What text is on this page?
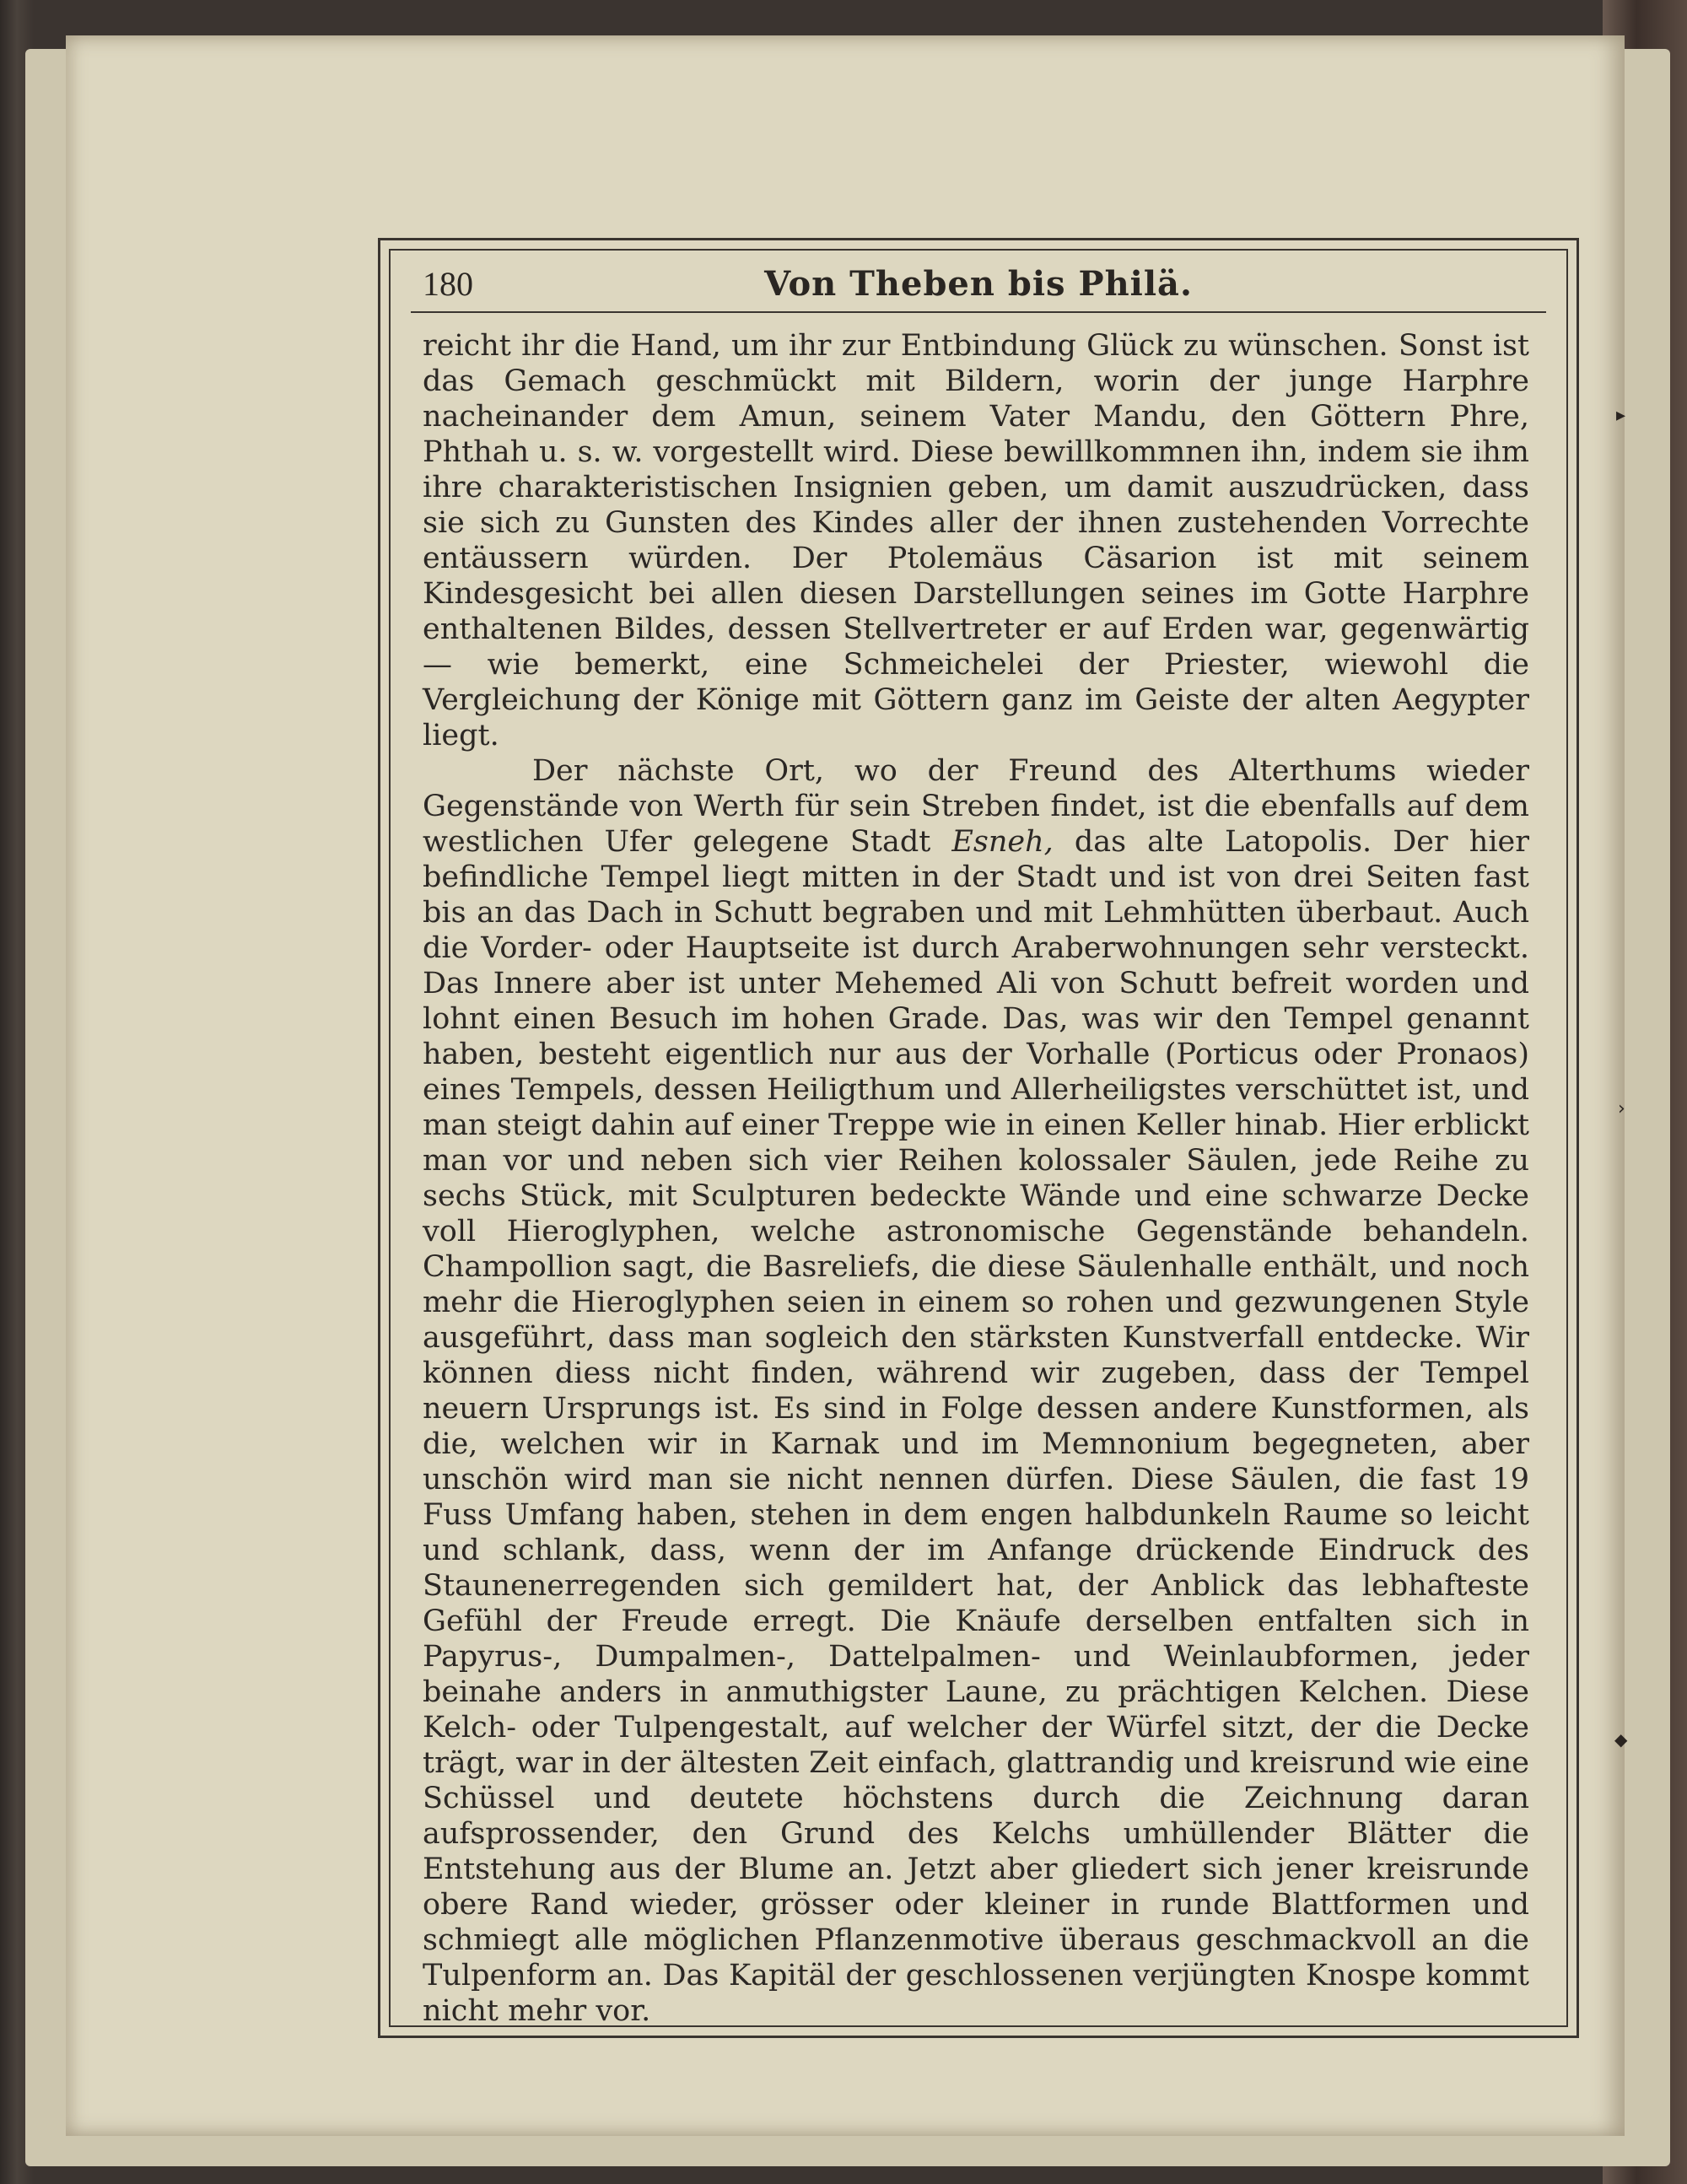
180	Von Theben bis Philä.

reicht ihr die Hand, um ihr zur Entbindung Glück zu wünschen. Sonst ist das Gemach geschmückt mit Bildern, worin der junge Harphre nacheinander dem Amun, seinem Vater Mandu, den Göttern Phre, Phthah u. s. w. vorgestellt wird. Diese bewillkommnen ihn, indem sie ihm ihre charakteristischen Insignien geben, um damit auszudrücken, dass sie sich zu Gunsten des Kindes aller der ihnen zustehenden Vorrechte entäussern würden. Der Ptolemäus Cäsarion ist mit seinem Kindesgesicht bei allen diesen Darstellungen seines im Gotte Harphre enthaltenen Bildes, dessen Stellvertreter er auf Erden war, gegenwärtig — wie bemerkt, eine Schmeichelei der Priester, wiewohl die Vergleichung der Könige mit Göttern ganz im Geiste der alten Aegypter liegt.

Der nächste Ort, wo der Freund des Alterthums wieder Gegenstände von Werth für sein Streben findet, ist die ebenfalls auf dem westlichen Ufer gelegene Stadt Esneh, das alte Latopolis. Der hier befindliche Tempel liegt mitten in der Stadt und ist von drei Seiten fast bis an das Dach in Schutt begraben und mit Lehmhütten überbaut. Auch die Vorder- oder Hauptseite ist durch Araberwohnungen sehr versteckt. Das Innere aber ist unter Mehemed Ali von Schutt befreit worden und lohnt einen Besuch im hohen Grade. Das, was wir den Tempel genannt haben, besteht eigentlich nur aus der Vorhalle (Porticus oder Pronaos) eines Tempels, dessen Heiligthum und Allerheiligstes verschüttet ist, und man steigt dahin auf einer Treppe wie in einen Keller hinab. Hier erblickt man vor und neben sich vier Reihen kolossaler Säulen, jede Reihe zu sechs Stück, mit Sculpturen bedeckte Wände und eine schwarze Decke voll Hieroglyphen, welche astronomische Gegenstände behandeln. Champollion sagt, die Basreliefs, die diese Säulenhalle enthält, und noch mehr die Hieroglyphen seien in einem so rohen und gezwungenen Style ausgeführt, dass man sogleich den stärksten Kunstverfall entdecke. Wir können diess nicht finden, während wir zugeben, dass der Tempel neuern Ursprungs ist. Es sind in Folge dessen andere Kunstformen, als die, welchen wir in Karnak und im Memnonium begegneten, aber unschön wird man sie nicht nennen dürfen. Diese Säulen, die fast 19 Fuss Umfang haben, stehen in dem engen halbdunkeln Raume so leicht und schlank, dass, wenn der im Anfange drückende Eindruck des Staunenerregenden sich gemildert hat, der Anblick das lebhafteste Gefühl der Freude erregt. Die Knäufe derselben entfalten sich in Papyrus-, Dumpalmen-, Dattelpalmen- und Weinlaubformen, jeder beinahe anders in anmuthigster Laune, zu prächtigen Kelchen. Diese Kelch- oder Tulpengestalt, auf welcher der Würfel sitzt, der die Decke trägt, war in der ältesten Zeit einfach, glattrandig und kreisrund wie eine Schüssel und deutete höchstens durch die Zeichnung daran aufsprossender, den Grund des Kelchs umhüllender Blätter die Entstehung aus der Blume an. Jetzt aber gliedert sich jener kreisrunde obere Rand wieder, grösser oder kleiner in runde Blattformen und schmiegt alle möglichen Pflanzenmotive überaus geschmackvoll an die Tulpenform an. Das Kapitäl der geschlossenen verjüngten Knospe kommt nicht mehr vor.

▸
›
◆
